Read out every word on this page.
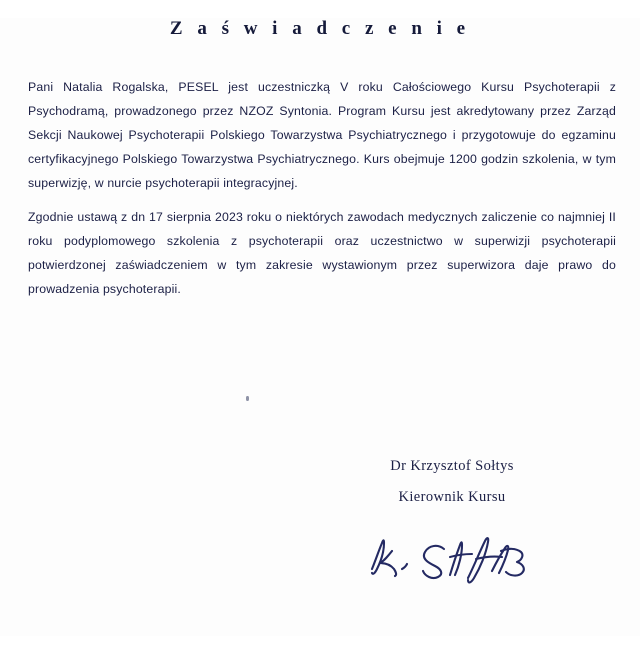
Z a ś w i a d c z e n i e

Pani Natalia Rogalska, PESEL jest uczestniczką V roku Całościowego Kursu Psychoterapii z Psychodramą, prowadzonego przez NZOZ Syntonia. Program Kursu jest akredytowany przez Zarząd Sekcji Naukowej Psychoterapii Polskiego Towarzystwa Psychiatrycznego i przygotowuje do egzaminu certyfikacyjnego Polskiego Towarzystwa Psychiatrycznego. Kurs obejmuje 1200 godzin szkolenia, w tym superwizję, w nurcie psychoterapii integracyjnej.

Zgodnie ustawą z dn 17 sierpnia 2023 roku o niektórych zawodach medycznych zaliczenie co najmniej II roku podyplomowego szkolenia z psychoterapii oraz uczestnictwo w superwizji psychoterapii potwierdzonej zaświadczeniem w tym zakresie wystawionym przez superwizora daje prawo do prowadzenia psychoterapii.

Dr Krzysztof Sołtys
Kierownik Kursu
